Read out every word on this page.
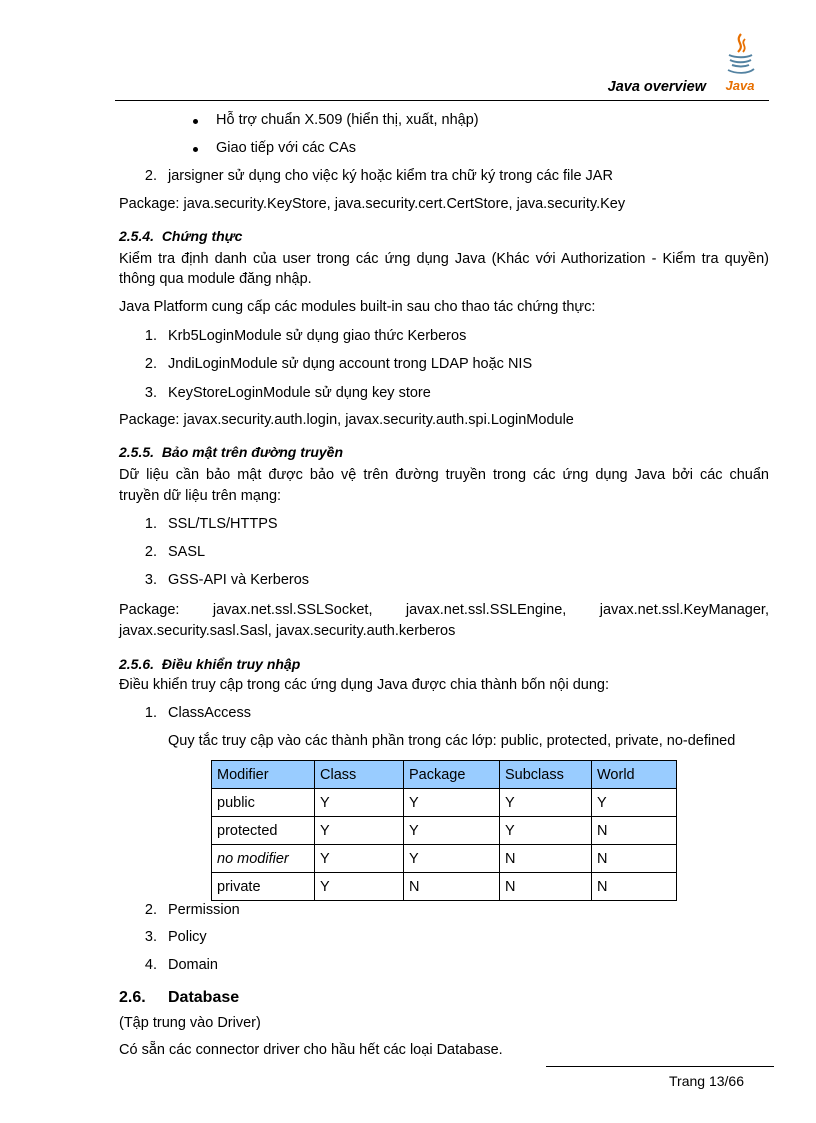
Java overview Java
Hỗ trợ chuẩn X.509 (hiển thị, xuất, nhập)
Giao tiếp với các CAs
2. jarsigner sử dụng cho việc ký hoặc kiểm tra chữ ký trong các file JAR
Package: java.security.KeyStore, java.security.cert.CertStore, java.security.Key
2.5.4. Chứng thực
Kiểm tra định danh của user trong các ứng dụng Java (Khác với Authorization - Kiểm tra quyền)
thông qua module đăng nhập.
Java Platform cung cấp các modules built-in sau cho thao tác chứng thực:
1. Krb5LoginModule sử dụng giao thức Kerberos
2. JndiLoginModule sử dụng account trong LDAP hoặc NIS
3. KeyStoreLoginModule sử dụng key store
Package: javax.security.auth.login, javax.security.auth.spi.LoginModule
2.5.5. Bảo mật trên đường truyền
Dữ liệu cần bảo mật được bảo vệ trên đường truyền trong các ứng dụng Java bởi các chuẩn
truyền dữ liệu trên mạng:
1. SSL/TLS/HTTPS
2. SASL
3. GSS-API và Kerberos
Package:      javax.net.ssl.SSLSocket,      javax.net.ssl.SSLEngine,      javax.net.ssl.KeyManager,
javax.security.sasl.Sasl, javax.security.auth.kerberos
2.5.6. Điều khiển truy nhập
Điều khiển truy cập trong các ứng dụng Java được chia thành bốn nội dung:
1. ClassAccess
Quy tắc truy cập vào các thành phần trong các lớp: public, protected, private, no-defined
Modifier	Class	Package	Subclass	World
public	Y	Y	Y	Y
protected	Y	Y	Y	N
no modifier	Y	Y	N	N
private	Y	N	N	N
2. Permission
3. Policy
4. Domain
2.6. Database
(Tập trung vào Driver)
Có sẵn các connector driver cho hầu hết các loại Database.
Trang 13/66
